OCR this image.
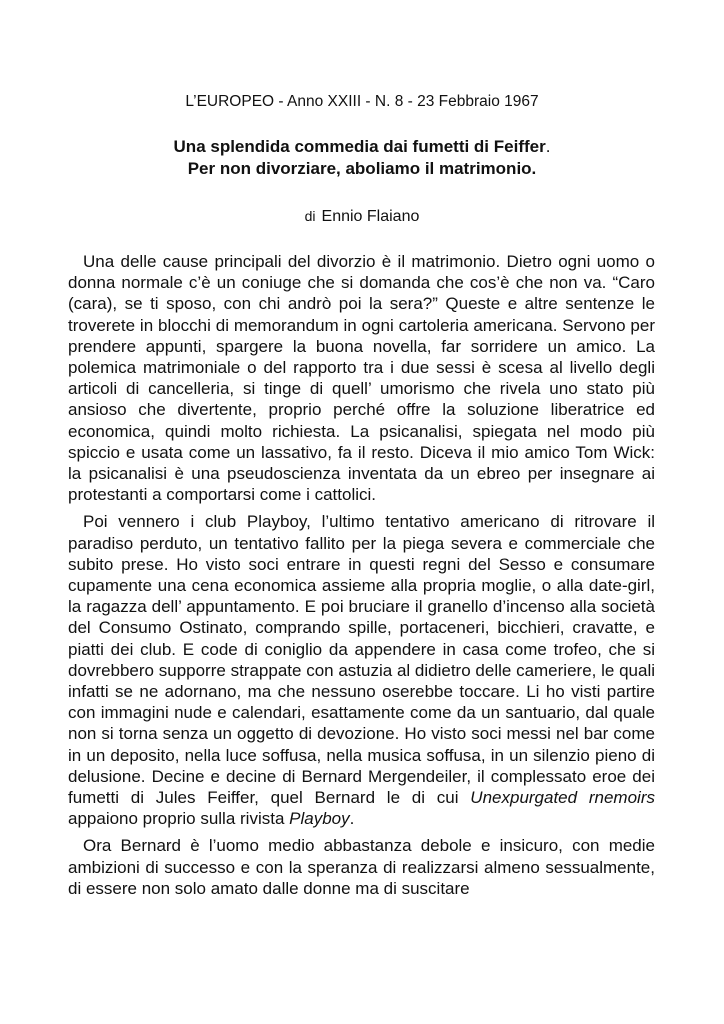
L’EUROPEO - Anno XXIII - N. 8 - 23 Febbraio 1967
Una splendida commedia dai fumetti di Feiffer.
Per non divorziare, aboliamo il matrimonio.
di Ennio Flaiano

Una delle cause principali del divorzio è il matrimonio. Dietro ogni uomo o donna normale c’è un coniuge che si domanda che cos’è che non va. “Caro (cara), se ti sposo, con chi andrò poi la sera?” Queste e altre sentenze le troverete in blocchi di memorandum in ogni cartoleria americana. Servono per prendere appunti, spargere la buona novella, far sorridere un amico. La polemica matrimoniale o del rapporto tra i due sessi è scesa al livello degli articoli di cancelleria, si tinge di quell’ umorismo che rivela uno stato più ansioso che divertente, proprio perché offre la soluzione liberatrice ed economica, quindi molto richiesta. La psicanalisi, spiegata nel modo più spiccio e usata come un lassativo, fa il resto. Diceva il mio amico Tom Wick: la psicanalisi è una pseudoscienza inventata da un ebreo per insegnare ai protestanti a comportarsi come i cattolici.

Poi vennero i club Playboy, l’ultimo tentativo americano di ritrovare il paradiso perduto, un tentativo fallito per la piega severa e commerciale che subito prese. Ho visto soci entrare in questi regni del Sesso e consumare cupamente una cena economica assieme alla propria moglie, o alla date-girl, la ragazza dell’ appuntamento. E poi bruciare il granello d’incenso alla società del Consumo Ostinato, comprando spille, portaceneri, bicchieri, cravatte, e piatti dei club. E code di coniglio da appendere in casa come trofeo, che si dovrebbero supporre strappate con astuzia al didietro delle cameriere, le quali infatti se ne adornano, ma che nessuno oserebbe toccare. Li ho visti partire con immagini nude e calendari, esattamente come da un santuario, dal quale non si torna senza un oggetto di devozione. Ho visto soci messi nel bar come in un deposito, nella luce soffusa, nella musica soffusa, in un silenzio pieno di delusione. Decine e decine di Bernard Mergendeiler, il complessato eroe dei fumetti di Jules Feiffer, quel Bernard le di cui Unexpurgated rnemoirs appaiono proprio sulla rivista Playboy.

Ora Bernard è l’uomo medio abbastanza debole e insicuro, con medie ambizioni di successo e con la speranza di realizzarsi almeno sessualmente, di essere non solo amato dalle donne ma di suscitare
